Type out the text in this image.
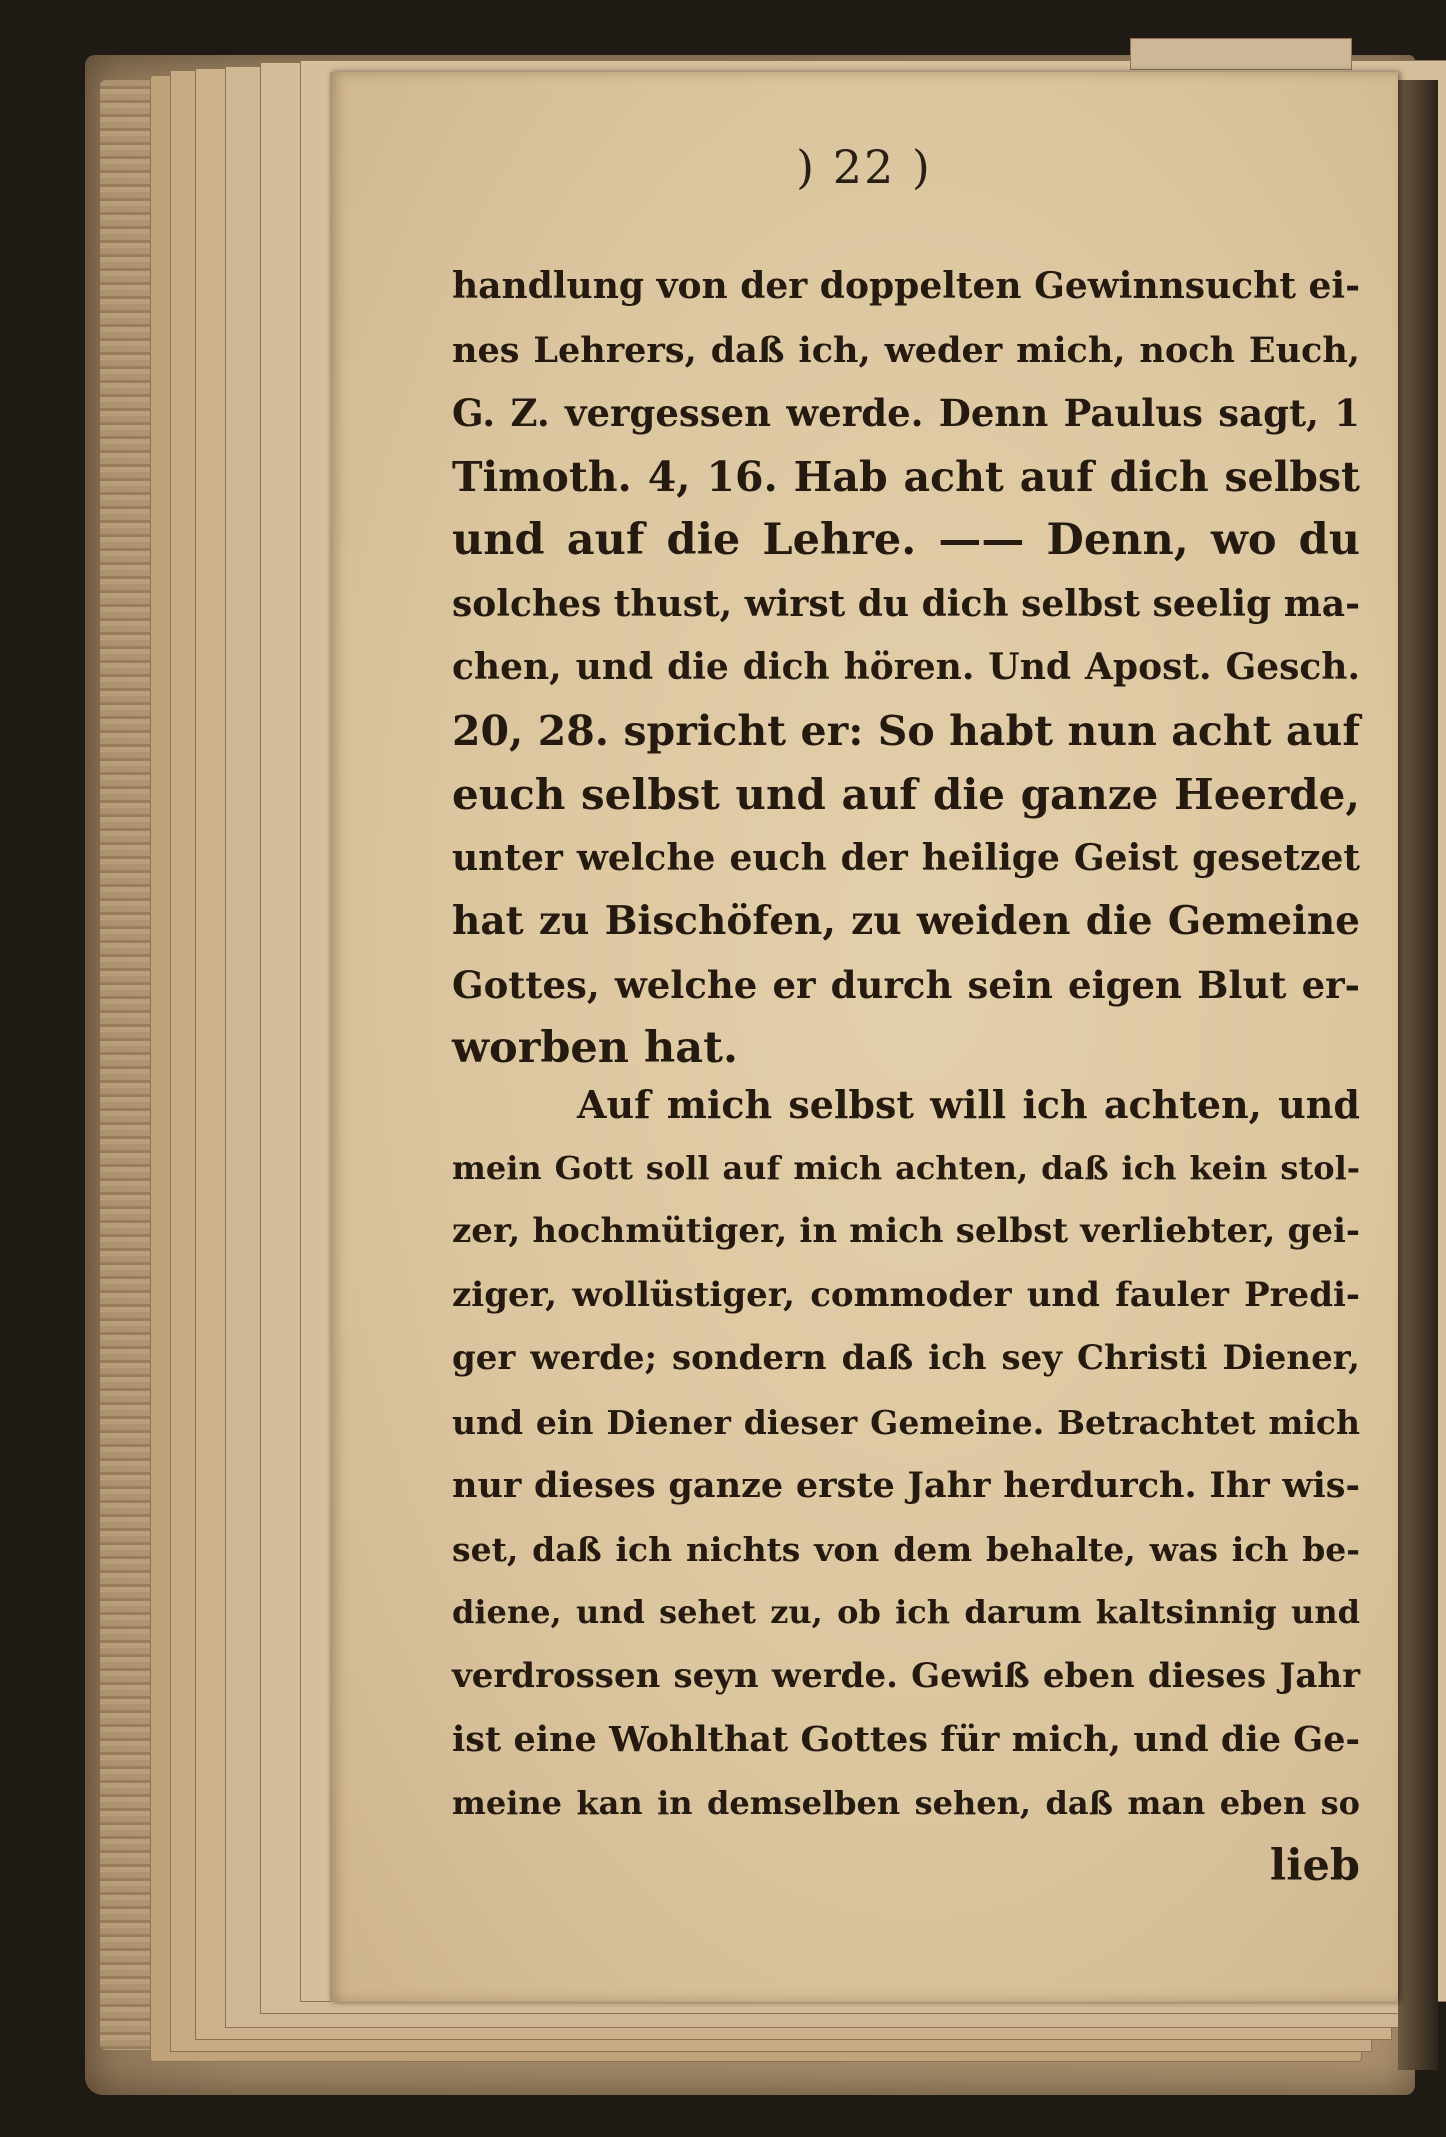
) 22 )
handlung von der doppelten Gewinnsucht ei-
nes Lehrers, daß ich, weder mich, noch Euch,
G. Z. vergessen werde. Denn Paulus sagt, 1
Timoth. 4, 16. Hab acht auf dich selbst
und auf die Lehre. —— Denn, wo du
solches thust, wirst du dich selbst seelig ma-
chen, und die dich hören. Und Apost. Gesch.
20, 28. spricht er: So habt nun acht auf
euch selbst und auf die ganze Heerde,
unter welche euch der heilige Geist gesetzet
hat zu Bischöfen, zu weiden die Gemeine
Gottes, welche er durch sein eigen Blut er-
worben hat.
Auf mich selbst will ich achten, und
mein Gott soll auf mich achten, daß ich kein stol-
zer, hochmütiger, in mich selbst verliebter, gei-
ziger, wollüstiger, commoder und fauler Predi-
ger werde; sondern daß ich sey Christi Diener,
und ein Diener dieser Gemeine. Betrachtet mich
nur dieses ganze erste Jahr herdurch. Ihr wis-
set, daß ich nichts von dem behalte, was ich be-
diene, und sehet zu, ob ich darum kaltsinnig und
verdrossen seyn werde. Gewiß eben dieses Jahr
ist eine Wohlthat Gottes für mich, und die Ge-
meine kan in demselben sehen, daß man eben so
lieb
